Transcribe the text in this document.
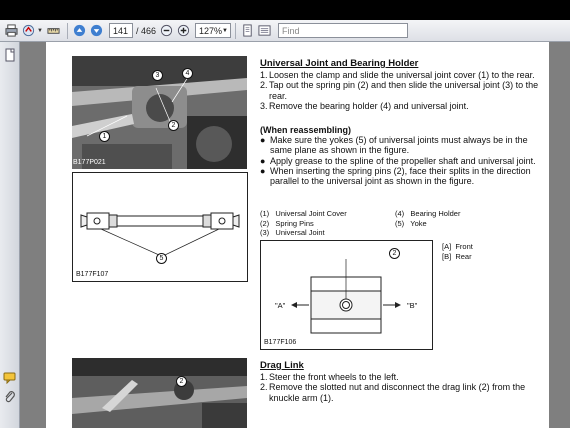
▼	141 / 466	127% ▼	Find
3	4
1
2
B177P021
5
B177F107
2
Universal Joint and Bearing Holder
1. Loosen the clamp and slide the universal joint cover (1) to the rear.
2. Tap out the spring pin (2) and then slide the universal joint (3) to the rear.
3. Remove the bearing holder (4) and universal joint.
(When reassembling)
● Make sure the yokes (5) of universal joints must always be in the same plane as shown in the figure.
● Apply grease to the spline of the propeller shaft and universal joint.
● When inserting the spring pins (2), face their splits in the direction parallel to the universal joint as shown in the figure.
(1)   Universal Joint Cover
(2)   Spring Pins
(3)   Universal Joint
(4)   Bearing Holder
(5)   Yoke
[A]  Front
[B]  Rear
2
"A"	"B"
B177F106
Drag Link
1. Steer the front wheels to the left.
2. Remove the slotted nut and disconnect the drag link (2) from the knuckle arm (1).
